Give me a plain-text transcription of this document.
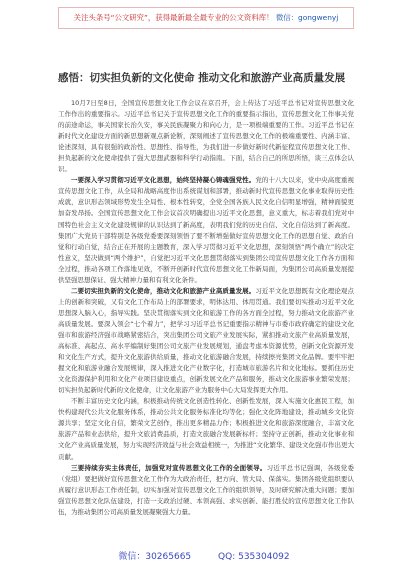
关注头条号“公文研究”，获得最新最全最专业的公文资料库！ 微信：gongwenyj
感悟：切实担负新的文化使命 推动文化和旅游产业高质量发展

10月7日至8日，全国宣传思想文化工作会议在京召开，会上传达了习近平总书记对宣传思想文化工作作出的重要指示。习近平总书记关于宣传思想文化工作的重要指示指出，宣传思想文化工作事关党的前途命运，事关国家长治久安，事关民族凝聚力和向心力，是一项极端重要的工作。习近平总书记在新时代文化建设方面的新思想新观点新论断，深刻阐述了宣传思想文化工作的极端重要性、内涵丰富、论述深刻，具有很强的政治性、思想性、指导性，为我们进一步做好新时代新征程宣传思想文化工作、担负起新的文化使命提供了强大思想武器和科学行动指南。下面，结合自己的所思所悟，谈三点体会认识。

一要深入学习贯彻习近平文化思想，始终坚持凝心铸魂强党性。党的十八大以来，党中央高度重视宣传思想文化工作，从全局和战略高度作出系统谋划和部署，推动新时代宣传思想文化事业取得历史性成就，意识形态领域形势发生全局性、根本性转变，全党全国各族人民文化自信明显增强，精神面貌更加奋发昂扬。全国宣传思想文化工作会议首次明确提出习近平文化思想，意义重大，标志着我们党对中国特色社会主义文化建设规律的认识达到了新高度，表明我们党的历史自信、文化自信达到了新高度。集团广大党员干部特别是各级党委要深刻领悟了要不断增强做好宣传思想文化工作的思想自觉、政治自觉和行动自觉，结合正在开展的主题教育，深入学习贯彻习近平文化思想，深刻领悟“两个确立”的决定性意义，坚决做到“两个维护”，自觉把习近平文化思想贯彻落实到集团公司宣传思想文化工作各方面和全过程，推动各项工作落地见效，不断开创新时代宣传思想文化工作新局面，为集团公司高质量发展提供坚强思想保证、强大精神力量和有利文化条件。

二要切实担负新的文化使命，推动文化和旅游产业高质量发展。习近平文化思想既有文化理论观点上的创新和突破，又有文化工作布局上的部署要求，明体达用、体用贯通。我们要切实推动习近平文化思想深入脑入心，指导实践。坚决贯彻落实到文化和旅游工作的各方面全过程，努力推动文化旅游产业高质量发展。要深入领会“七个着力”，把学习习近平总书记重要指示精神与市委市政府确定的建设文化强市和旅游经济强市战略紧密结合，突出集团公司文旅产业发展实际，紧扣推动文旅产业高质量发展，高标准、高起点、高水平编制好集团公司文旅产业发展规划，通盘考虑本资源优势，创新文化资源开发和文化生产方式，提升文化旅游供给质量，推动文化旅游融合发展，持续擦亮集团文化品牌。要牢牢把握文化和旅游业融合发展规律，深入推进文化产业数字化，打造城市旅游名片和文化地标。要抓住历史文化资源保护利用和文化产业项目建设重点，创新发展文化产品和服务，推动文化旅游事业繁荣发展；切实担负起新时代新的文化使命，让文化旅游产业为服务中心大局发挥更大作用。

不断丰富历史文化内涵，积极推动传统文化创造性转化、创新性发展，深入实施文化惠民工程，加快构建现代公共文化服务体系，推动公共文化服务标准化均等化；强化文化阵地建设，推动城乡文化资源共享；坚定文化自信，繁荣文艺创作，推出更多精品力作；积极推进文化和旅游深度融合，丰富文化旅游产品和业态供给，提升文旅消费品质，打造文旅融合发展新标杆；坚持守正创新，推动文化事业和文化产业高质量发展，努力实现经济效益与社会效益相统一，为推进“文化繁华、建设文化强市作出更大贡献。

三要持续夯实主体责任，加强党对宣传思想文化工作的全面领导。习近平总书记强调，各级党委（党组）要把做好宣传思想文化工作作为大政治责任，把方向、管大局、保落实。集团各级党组织要认真履行意识形态工作责任制，切实加强对宣传思想文化工作的组织领导，及时研究解决重大问题；要加强宣传思想文化队伍建设，打造一支政治过硬、本领高强、求实创新、能打胜仗的宣传思想文化工作队伍，为推动集团公司高质量发展凝聚强大力量。

微信：30265665	QQ: 535304092
